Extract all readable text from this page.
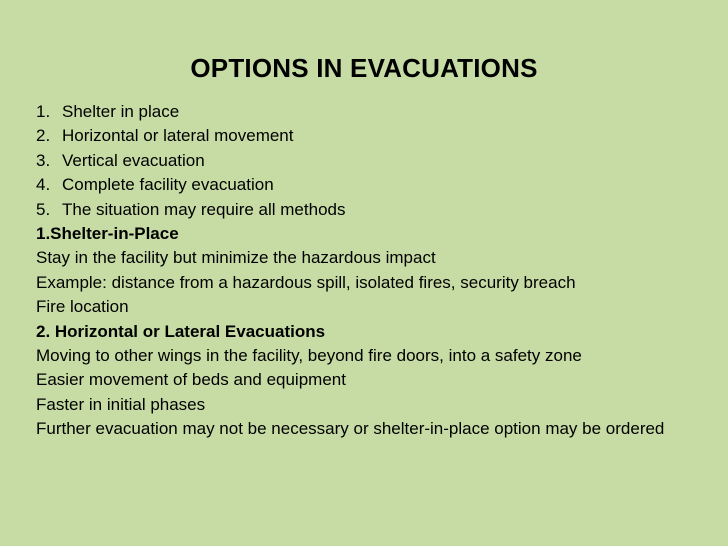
OPTIONS IN EVACUATIONS
1. Shelter in place
2. Horizontal or lateral movement
3. Vertical evacuation
4. Complete facility evacuation
5. The situation may require all methods
1.Shelter-in-Place
Stay in the facility but minimize the hazardous impact
Example: distance from a hazardous spill, isolated fires, security breach
Fire location
2. Horizontal or Lateral Evacuations
Moving to other wings in the facility, beyond fire doors, into a safety zone
Easier movement of beds and equipment
Faster in initial phases
Further evacuation may not be necessary or shelter-in-place option may be ordered
